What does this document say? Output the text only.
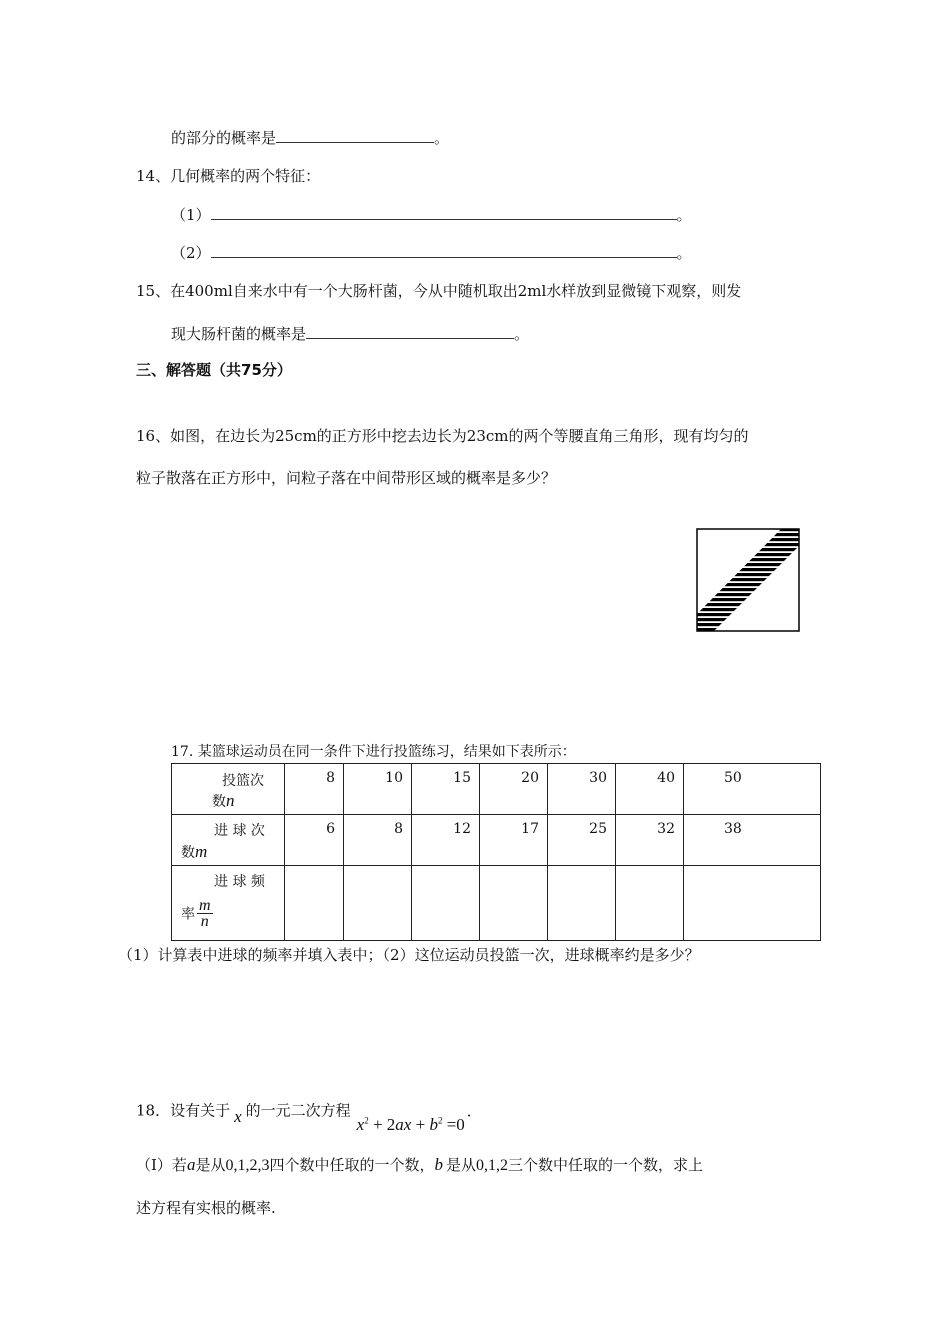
的部分的概率是	。
14、几何概率的两个特征：
（1）	。
（2）	。
15、在400ml自来水中有一个大肠杆菌，今从中随机取出2ml水样放到显微镜下观察，则发
现大肠杆菌的概率是	。
三、解答题（共75分）
16、如图，在边长为25cm的正方形中挖去边长为23cm的两个等腰直角三角形，现有均匀的
粒子散落在正方形中，问粒子落在中间带形区域的概率是多少？
17. 某篮球运动员在同一条件下进行投篮练习，结果如下表所示：
投篮次
数n	8	10	15	20	30	40	50

进 球 次
数m	6	8	12	17	25	32	38

进 球 频
率 $\frac{m}{n}$

（1）计算表中进球的频率并填入表中；（2）这位运动员投篮一次，进球概率约是多少？
18．设有关于 x 的一元二次方程$x^2 + 2ax + b^2 =0$．
（Ⅰ）若a是从0,1,2,3四个数中任取的一个数，b 是从0,1,2三个数中任取的一个数，求上
述方程有实根的概率.
